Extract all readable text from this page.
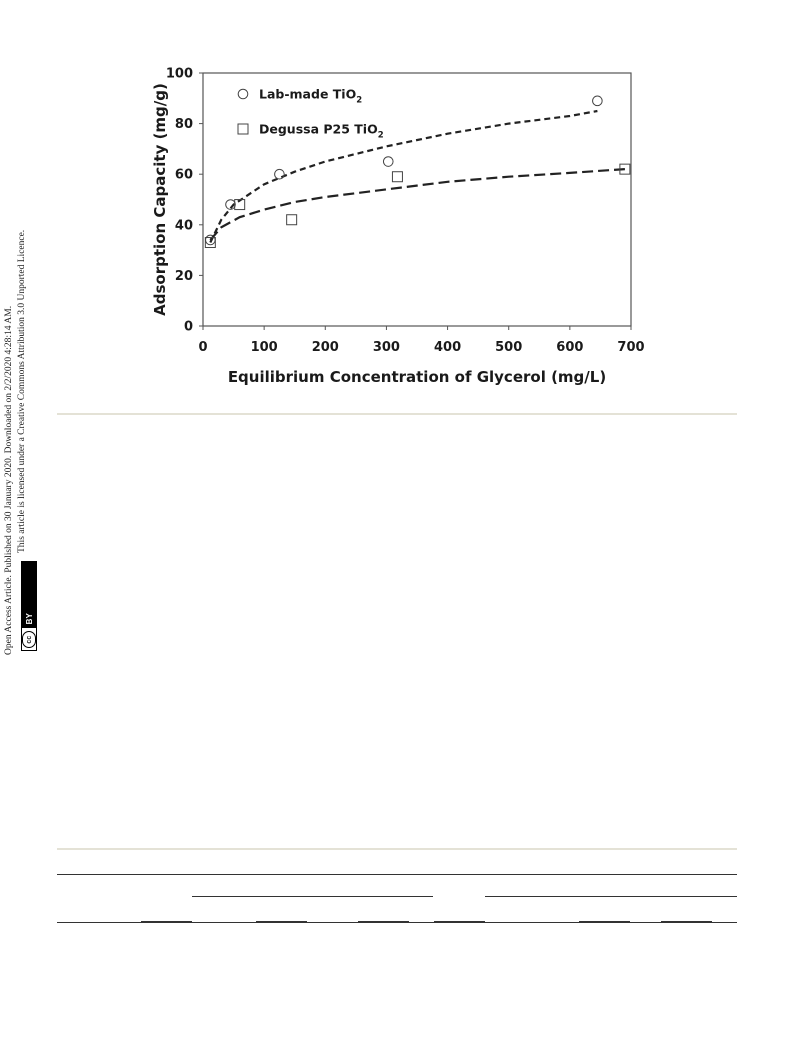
0
20
40
60
80
100
0	100	200	300	400	500	600	700
Equilibrium Concentration of Glycerol (mg/L)
Adsorption Capacity (mg/g)	Lab-made TiO$_2$
Degussa P25 TiO$_2$
Open Access Article. Published on 30 January 2020. Downloaded on 2/2/2020 4:28:14 AM. This article is licensed under a Creative Commons Attribution 3.0 Unported Licence.
cc
BY
